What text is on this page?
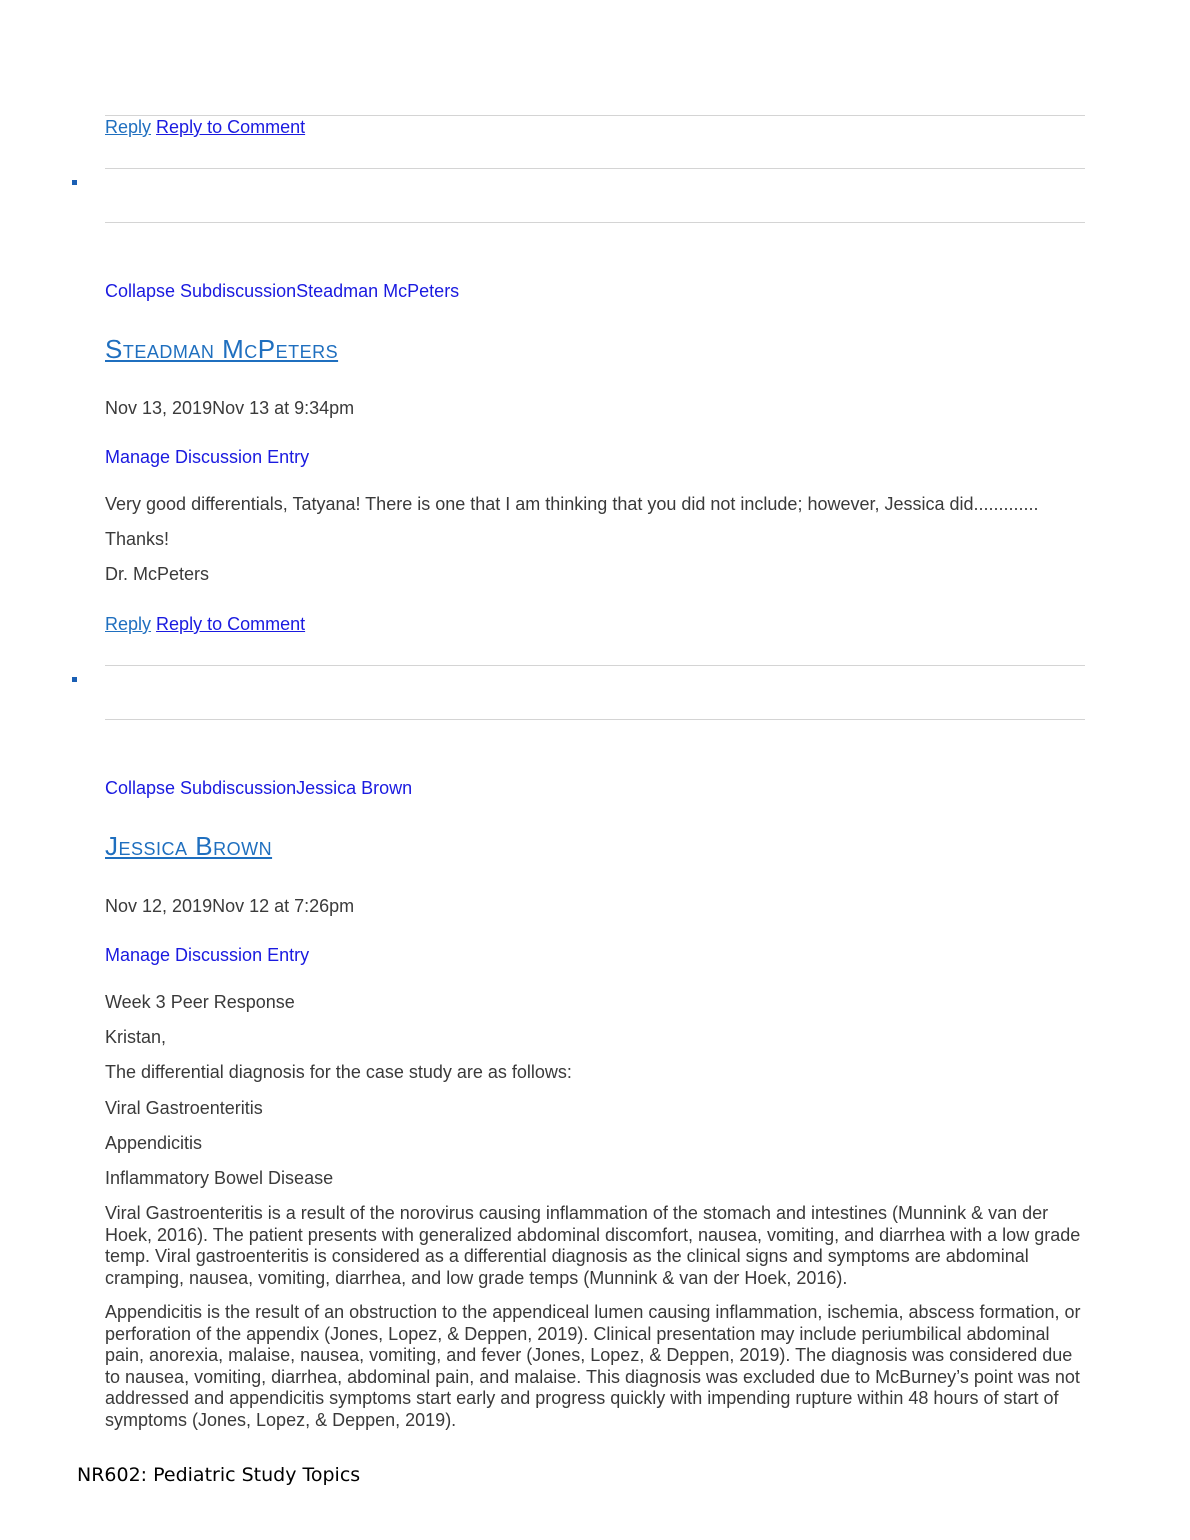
Reply Reply to Comment
Collapse SubdiscussionSteadman McPeters
Steadman McPeters
Nov 13, 2019Nov 13 at 9:34pm
Manage Discussion Entry
Very good differentials, Tatyana! There is one that I am thinking that you did not include; however, Jessica did.............
Thanks!
Dr. McPeters
Reply Reply to Comment
Collapse SubdiscussionJessica Brown
Jessica Brown
Nov 12, 2019Nov 12 at 7:26pm
Manage Discussion Entry
Week 3 Peer Response
Kristan,
The differential diagnosis for the case study are as follows:
Viral Gastroenteritis
Appendicitis
Inflammatory Bowel Disease
Viral Gastroenteritis is a result of the norovirus causing inflammation of the stomach and intestines (Munnink & van der Hoek, 2016). The patient presents with generalized abdominal discomfort, nausea, vomiting, and diarrhea with a low grade temp. Viral gastroenteritis is considered as a differential diagnosis as the clinical signs and symptoms are abdominal cramping, nausea, vomiting, diarrhea, and low grade temps (Munnink & van der Hoek, 2016).
Appendicitis is the result of an obstruction to the appendiceal lumen causing inflammation, ischemia, abscess formation, or perforation of the appendix (Jones, Lopez, & Deppen, 2019). Clinical presentation may include periumbilical abdominal pain, anorexia, malaise, nausea, vomiting, and fever (Jones, Lopez, & Deppen, 2019). The diagnosis was considered due to nausea, vomiting, diarrhea, abdominal pain, and malaise. This diagnosis was excluded due to McBurney’s point was not addressed and appendicitis symptoms start early and progress quickly with impending rupture within 48 hours of start of symptoms (Jones, Lopez, & Deppen, 2019).
NR602: Pediatric Study Topics
